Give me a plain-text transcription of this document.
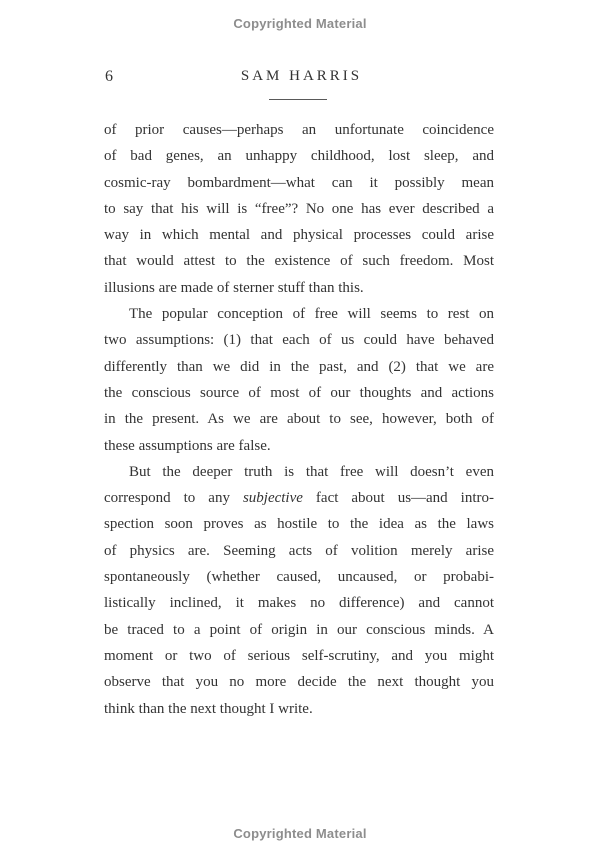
Copyrighted Material
6	SAM HARRIS
of prior causes—perhaps an unfortunate coincidence
of bad genes, an unhappy childhood, lost sleep, and
cosmic-ray bombardment—what can it possibly mean
to say that his will is “free”? No one has ever described a
way in which mental and physical processes could arise
that would attest to the existence of such freedom. Most
illusions are made of sterner stuff than this.
The popular conception of free will seems to rest on
two assumptions: (1) that each of us could have behaved
differently than we did in the past, and (2) that we are
the conscious source of most of our thoughts and actions
in the present. As we are about to see, however, both of
these assumptions are false.
But the deeper truth is that free will doesn’t even
correspond to any subjective fact about us—and intro-
spection soon proves as hostile to the idea as the laws
of physics are. Seeming acts of volition merely arise
spontaneously (whether caused, uncaused, or probabi-
listically inclined, it makes no difference) and cannot
be traced to a point of origin in our conscious minds. A
moment or two of serious self-scrutiny, and you might
observe that you no more decide the next thought you
think than the next thought I write.
Copyrighted Material
